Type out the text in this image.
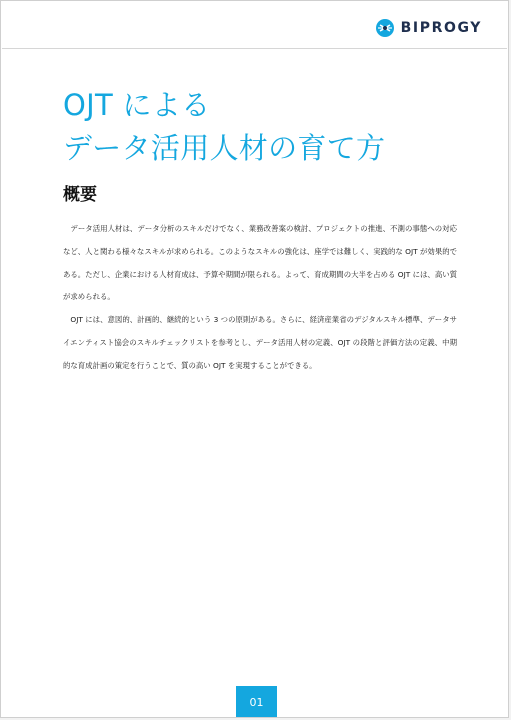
BIPROGY
OJT による
データ活用人材の育て方
概要

データ活用人材は、データ分析のスキルだけでなく、業務改善案の検討、プロジェクトの推進、不測の事態への対応など、人と関わる様々なスキルが求められる。このようなスキルの強化は、座学では難しく、実践的な OJT が効果的である。ただし、企業における人材育成は、予算や期間が限られる。よって、育成期間の大半を占める OJT には、高い質が求められる。

OJT には、意図的、計画的、継続的という 3 つの原則がある。さらに、経済産業省のデジタルスキル標準、データサイエンティスト協会のスキルチェックリストを参考とし、データ活用人材の定義、OJT の段階と評価方法の定義、中期的な育成計画の策定を行うことで、質の高い OJT を実現することができる。

01
